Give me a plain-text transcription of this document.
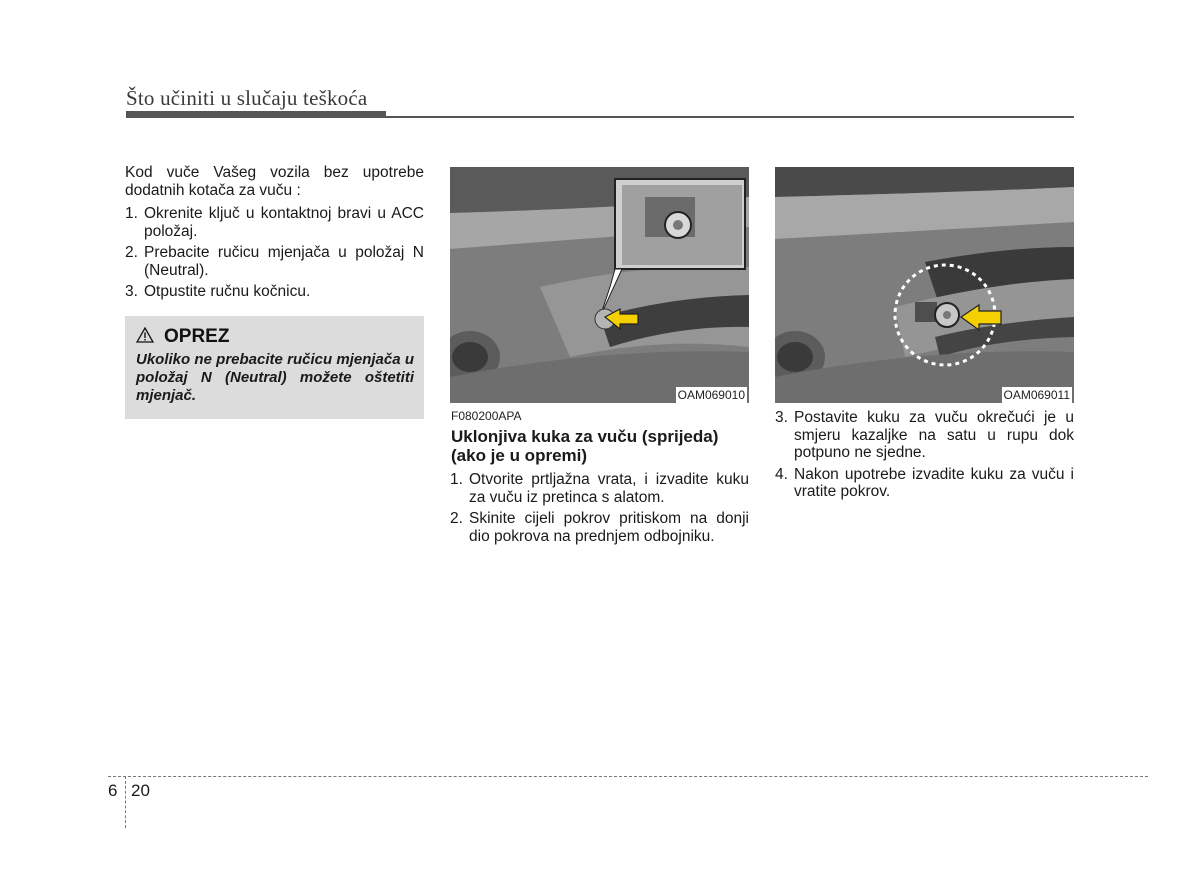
Što učiniti u slučaju teškoća

Kod vuče Vašeg vozila bez upotrebe dodatnih kotača za vuču :

1. Okrenite ključ u kontaktnoj bravi u ACC položaj.
2. Prebacite ručicu mjenjača u položaj N (Neutral).
3. Otpustite ručnu kočnicu.
OPREZ
Ukoliko ne prebacite ručicu mjenjača u položaj N (Neutral) možete oštetiti mjenjač.	OAM069010	OAM069011
F080200APA
Uklonjiva kuka za vuču (sprijeda) (ako je u opremi)
1. Otvorite prtljažna vrata, i izvadite kuku za vuču iz pretinca s alatom.
2. Skinite cijeli pokrov pritiskom na donji dio pokrova na prednjem odbojniku.
3. Postavite kuku za vuču okrečući je u smjeru kazaljke na satu u rupu dok potpuno ne sjedne.
4. Nakon upotrebe izvadite kuku za vuču i vratite pokrov.
6 20
